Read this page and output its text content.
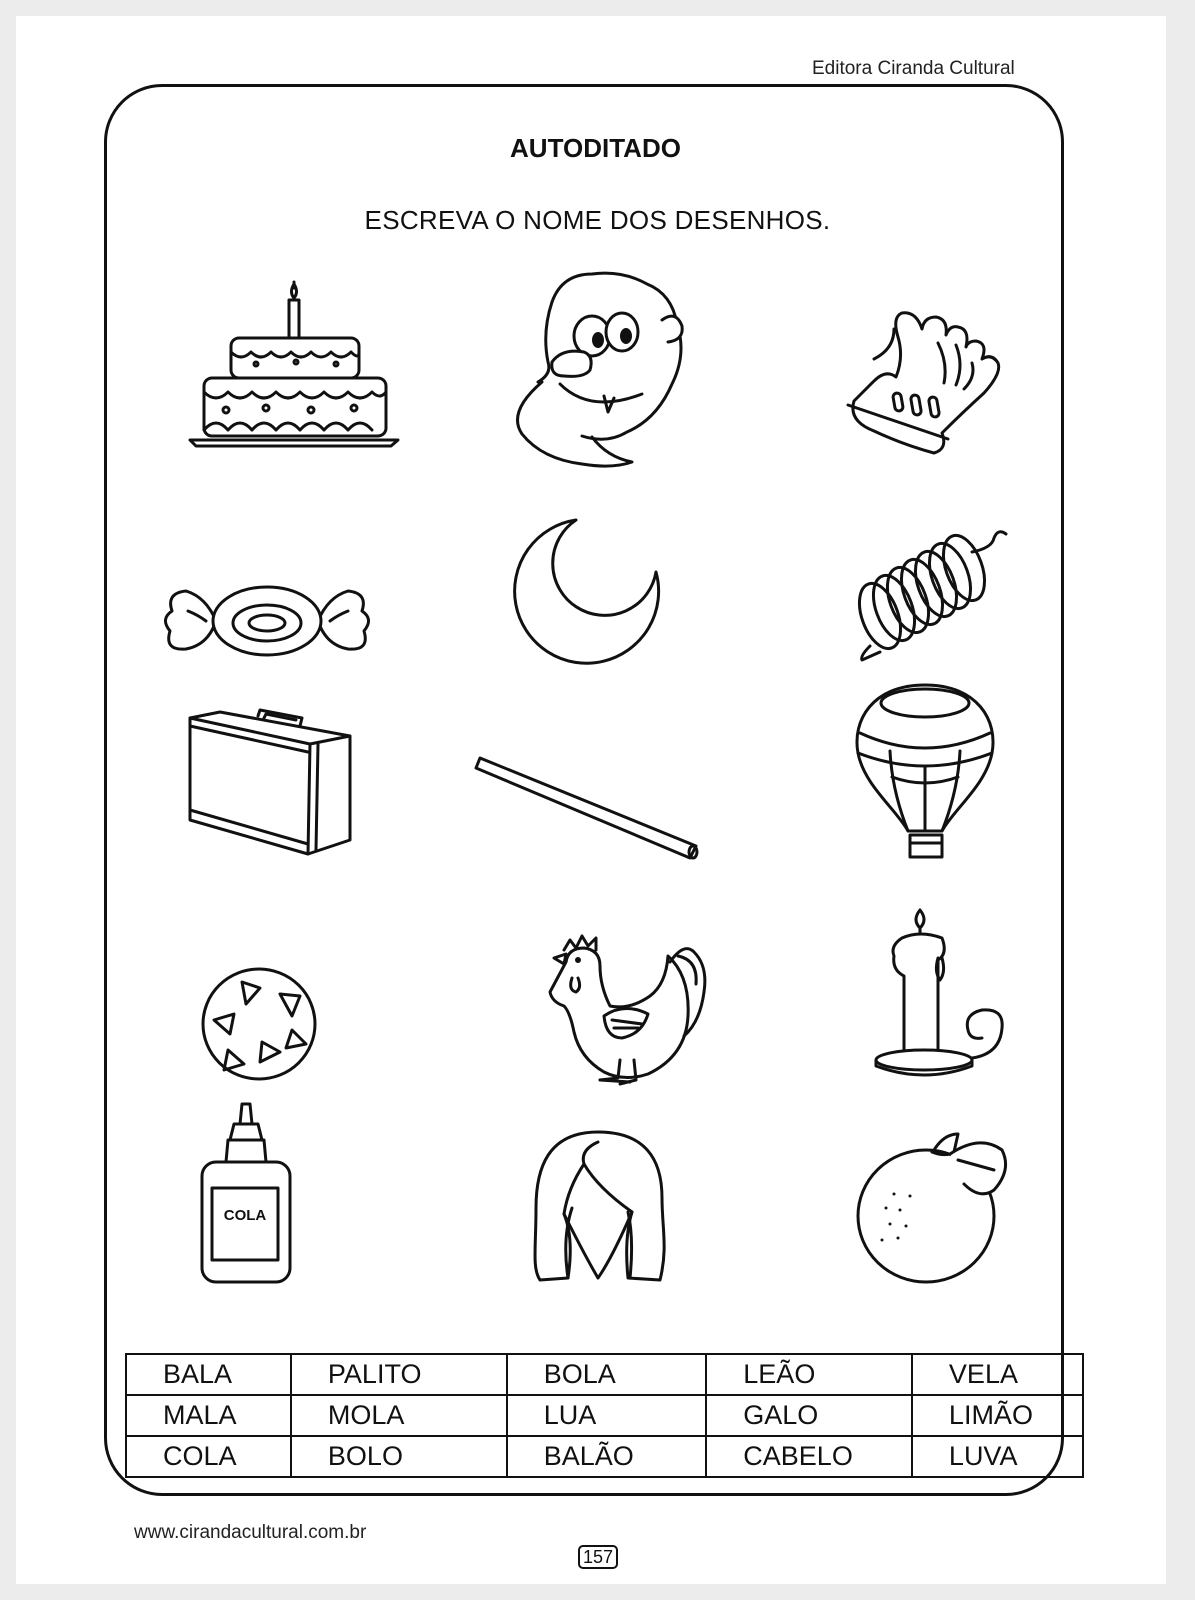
Editora Ciranda Cultural
AUTODITADO
ESCREVA O NOME DOS DESENHOS.
COLA
BALA	PALITO	BOLA	LEÃO	VELA
MALA	MOLA	LUA	GALO	LIMÃO
COLA	BOLO	BALÃO	CABELO	LUVA
www.cirandacultural.com.br
157
